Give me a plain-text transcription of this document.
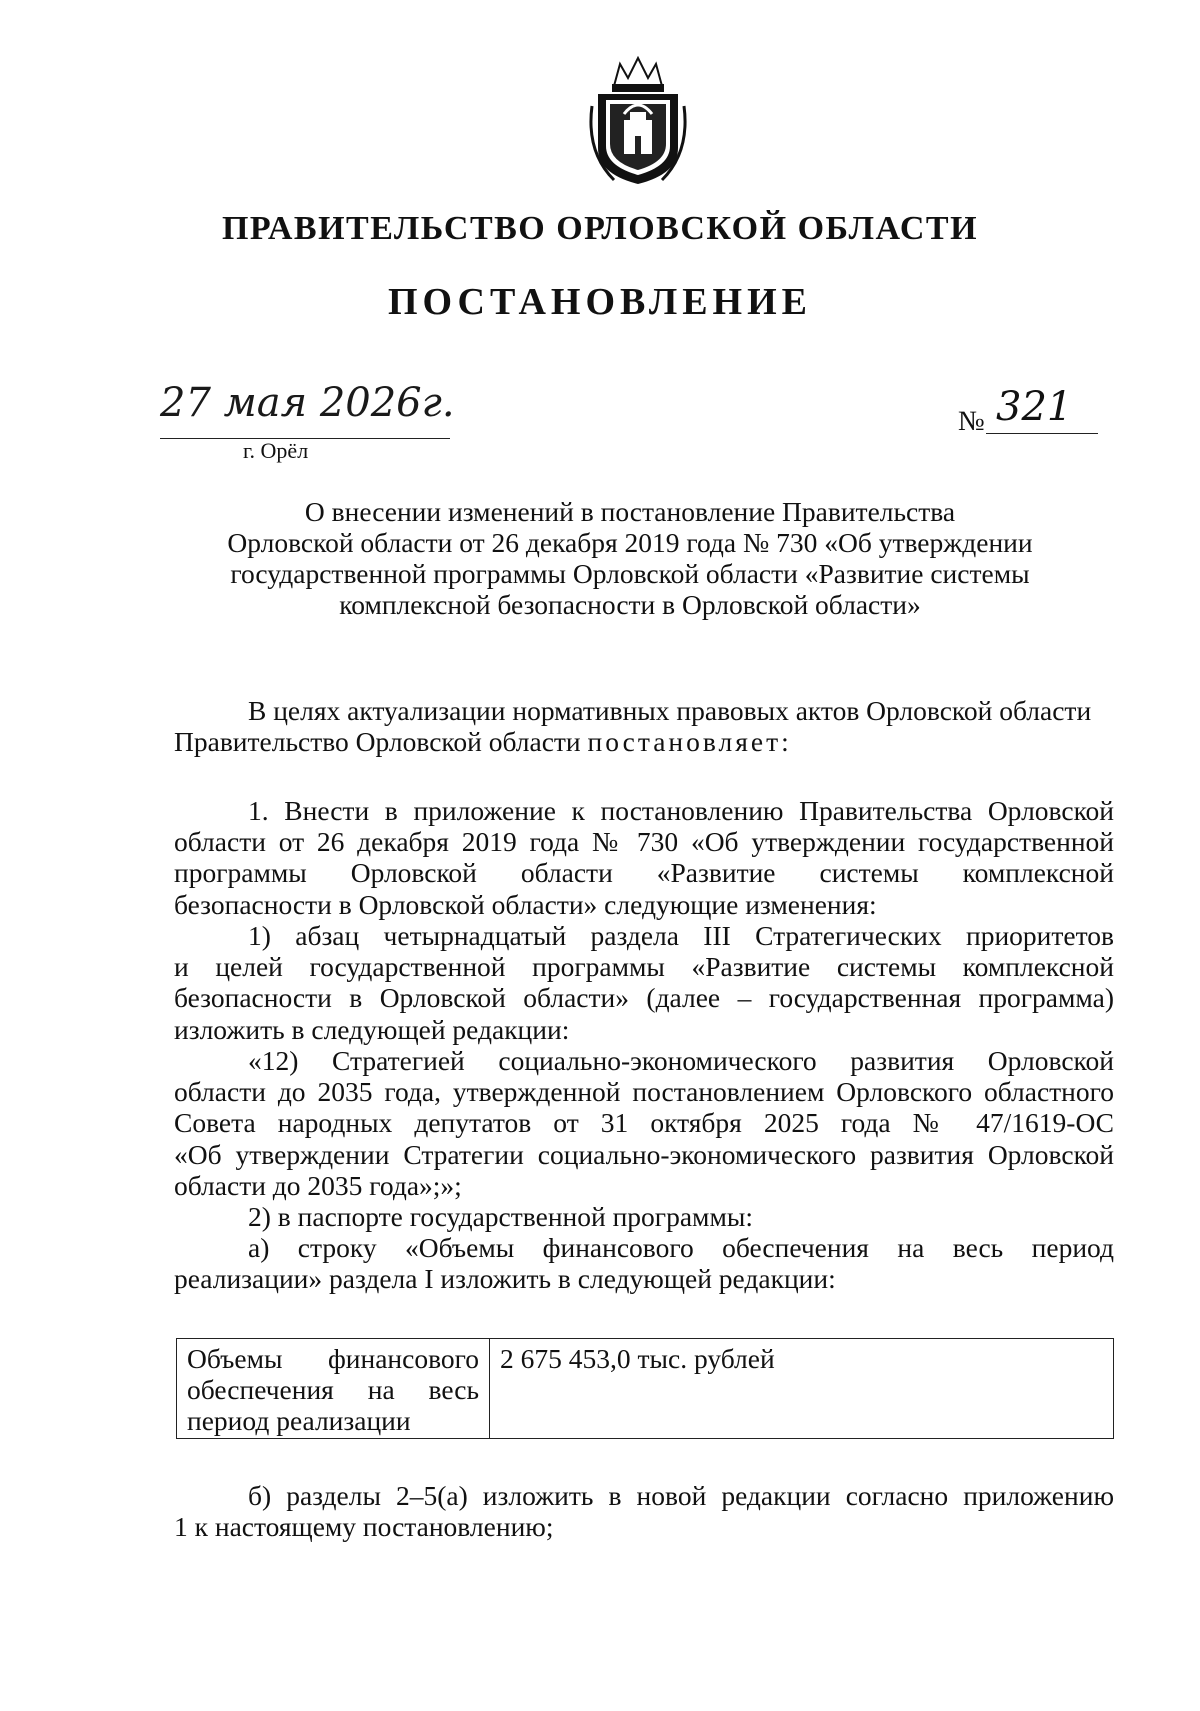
ПРАВИТЕЛЬСТВО ОРЛОВСКОЙ ОБЛАСТИ
ПОСТАНОВЛЕНИЕ
27 мая 2026г.
г. Орёл
№ 321
О внесении изменений в постановление Правительства
Орловской области от 26 декабря 2019 года № 730 «Об утверждении
государственной программы Орловской области «Развитие системы
комплексной безопасности в Орловской области»
В целях актуализации нормативных правовых актов Орловской области
Правительство Орловской области постановляет:
1. Внести в приложение к постановлению Правительства Орловской
области от 26 декабря 2019 года № 730 «Об утверждении государственной
программы Орловской области «Развитие системы комплексной
безопасности в Орловской области» следующие изменения:
1) абзац четырнадцатый раздела III Стратегических приоритетов
и целей государственной программы «Развитие системы комплексной
безопасности в Орловской области» (далее – государственная программа)
изложить в следующей редакции:
«12) Стратегией социально-экономического развития Орловской
области до 2035 года, утвержденной постановлением Орловского областного
Совета народных депутатов от 31 октября 2025 года № 47/1619-ОС
«Об утверждении Стратегии социально-экономического развития Орловской
области до 2035 года»;»;
2) в паспорте государственной программы:
а) строку «Объемы финансового обеспечения на весь период
реализации» раздела I изложить в следующей редакции:
Объемы финансового
обеспечения на весь
период реализации
	2 675 453,0 тыс. рублей
б) разделы 2–5(а) изложить в новой редакции согласно приложению
1 к настоящему постановлению;
